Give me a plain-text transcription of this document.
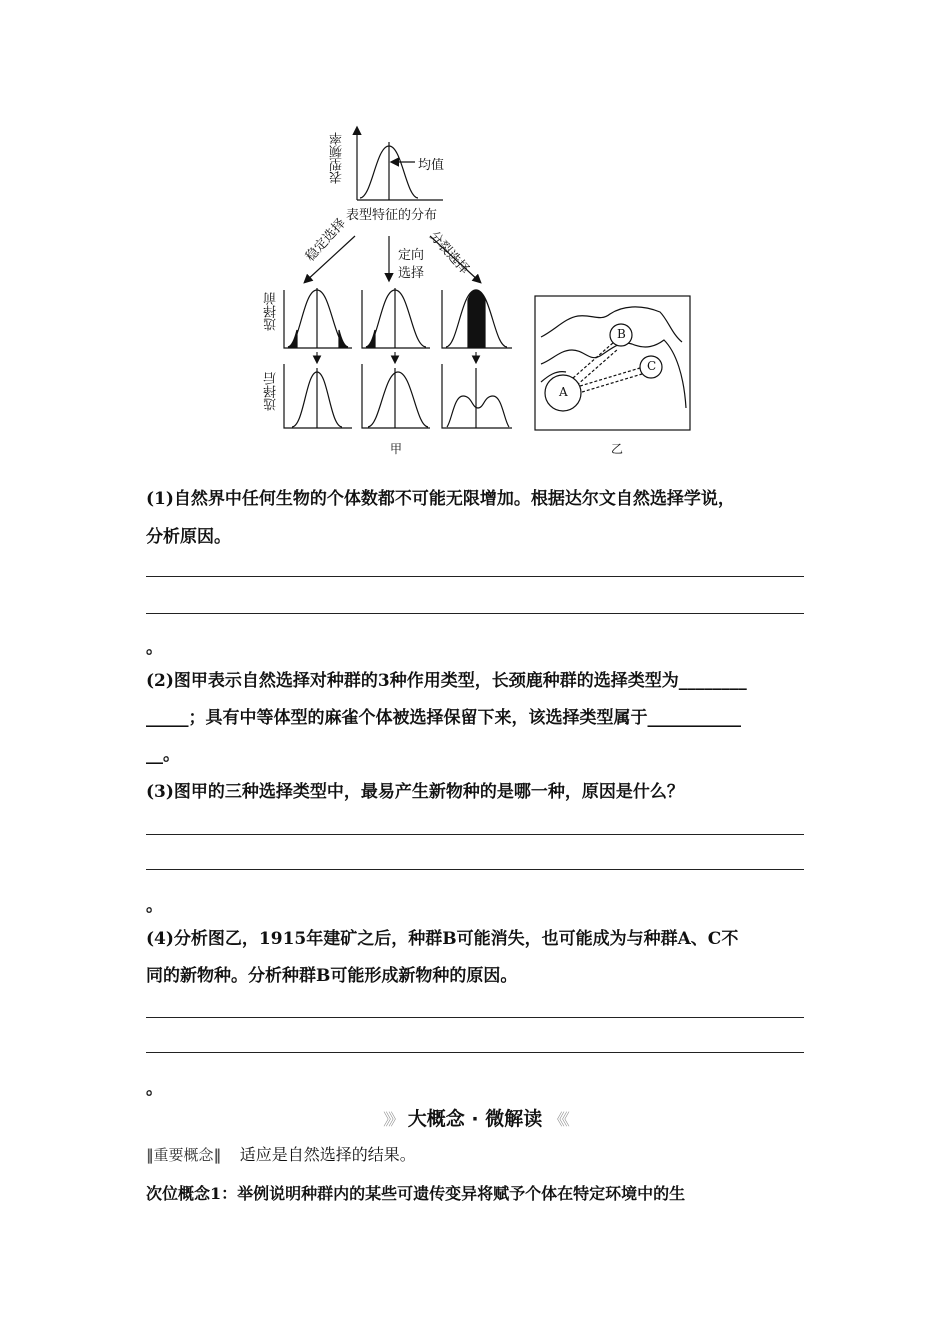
表型频率	均值
表型特征的分布
稳定选择	定向
选择 分裂选择
选择前
选择后
甲	乙
A
B
C
(1)自然界中任何生物的个体数都不可能无限增加。根据达尔文自然选择学说，
分析原因。
。
(2)图甲表示自然选择对种群的3种作用类型，长颈鹿种群的选择类型为________
_____；具有中等体型的麻雀个体被选择保留下来，该选择类型属于___________
__。
(3)图甲的三种选择类型中，最易产生新物种的是哪一种，原因是什么？
。
(4)分析图乙，1915年建矿之后，种群B可能消失，也可能成为与种群A、C不
同的新物种。分析种群B可能形成新物种的原因。
。
》》 大概念 · 微解读 《《
‖重要概念‖ 适应是自然选择的结果。
次位概念1：举例说明种群内的某些可遗传变异将赋予个体在特定环境中的生
